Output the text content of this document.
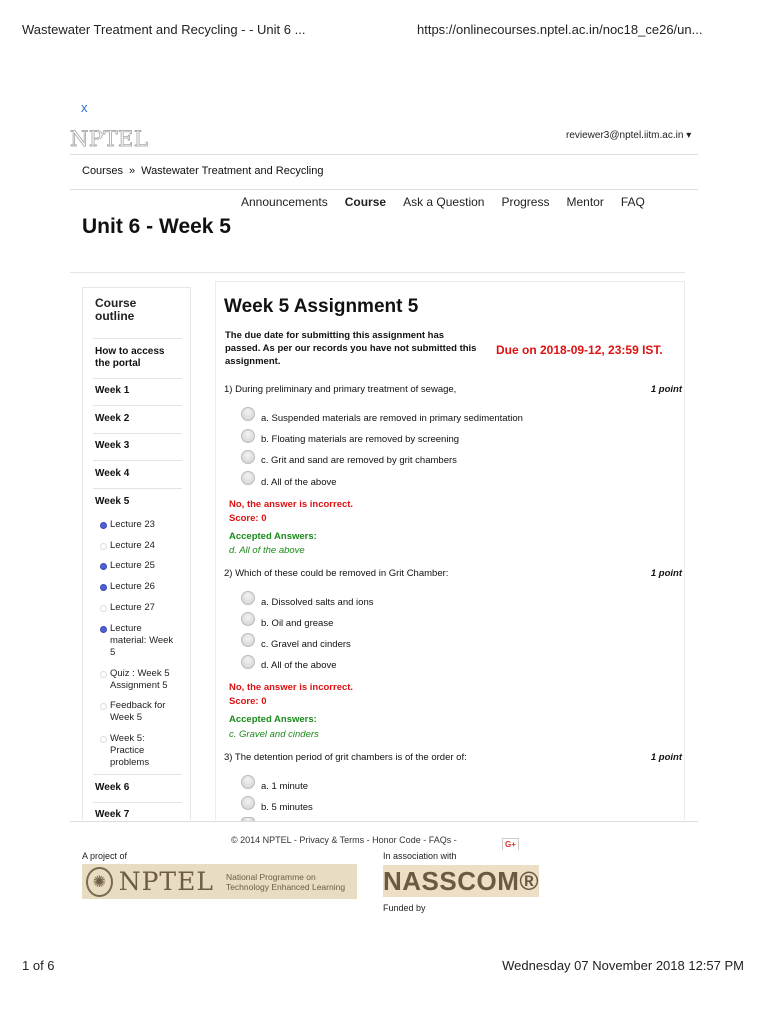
Wastewater Treatment and Recycling - - Unit 6 ...	https://onlinecourses.nptel.ac.in/noc18_ce26/un...
x
NPTEL	reviewer3@nptel.iitm.ac.in ▾
Courses » Wastewater Treatment and Recycling
Announcements Course Ask a Question Progress Mentor FAQ
Unit 6 - Week 5
Course outline
How to access the portal
Week 1
Week 2
Week 3
Week 4
Week 5
Lecture 23
Lecture 24
Lecture 25
Lecture 26
Lecture 27
Lecture material: Week 5
Quiz : Week 5 Assignment 5
Feedback for Week 5
Week 5: Practice problems
Week 6
Week 7
Week 5 Assignment 5
The due date for submitting this assignment has passed. As per our records you have not submitted this assignment.
Due on 2018-09-12, 23:59 IST.
1) During preliminary and primary treatment of sewage,	1 point
a. Suspended materials are removed in primary sedimentation
b. Floating materials are removed by screening
c. Grit and sand are removed by grit chambers
d. All of the above
No, the answer is incorrect.
Score: 0
Accepted Answers:
d. All of the above
2) Which of these could be removed in Grit Chamber:	1 point
a. Dissolved salts and ions
b. Oil and grease
c. Gravel and cinders
d. All of the above
No, the answer is incorrect.
Score: 0
Accepted Answers:
c. Gravel and cinders
3) The detention period of grit chambers is of the order of:	1 point
a. 1 minute
b. 5 minutes
© 2014 NPTEL - Privacy & Terms - Honor Code - FAQs -	G+
A project of	In association with
✺ NPTEL National Programme on Technology Enhanced Learning	NASSCOM®
Funded by
1 of 6	Wednesday 07 November 2018 12:57 PM
